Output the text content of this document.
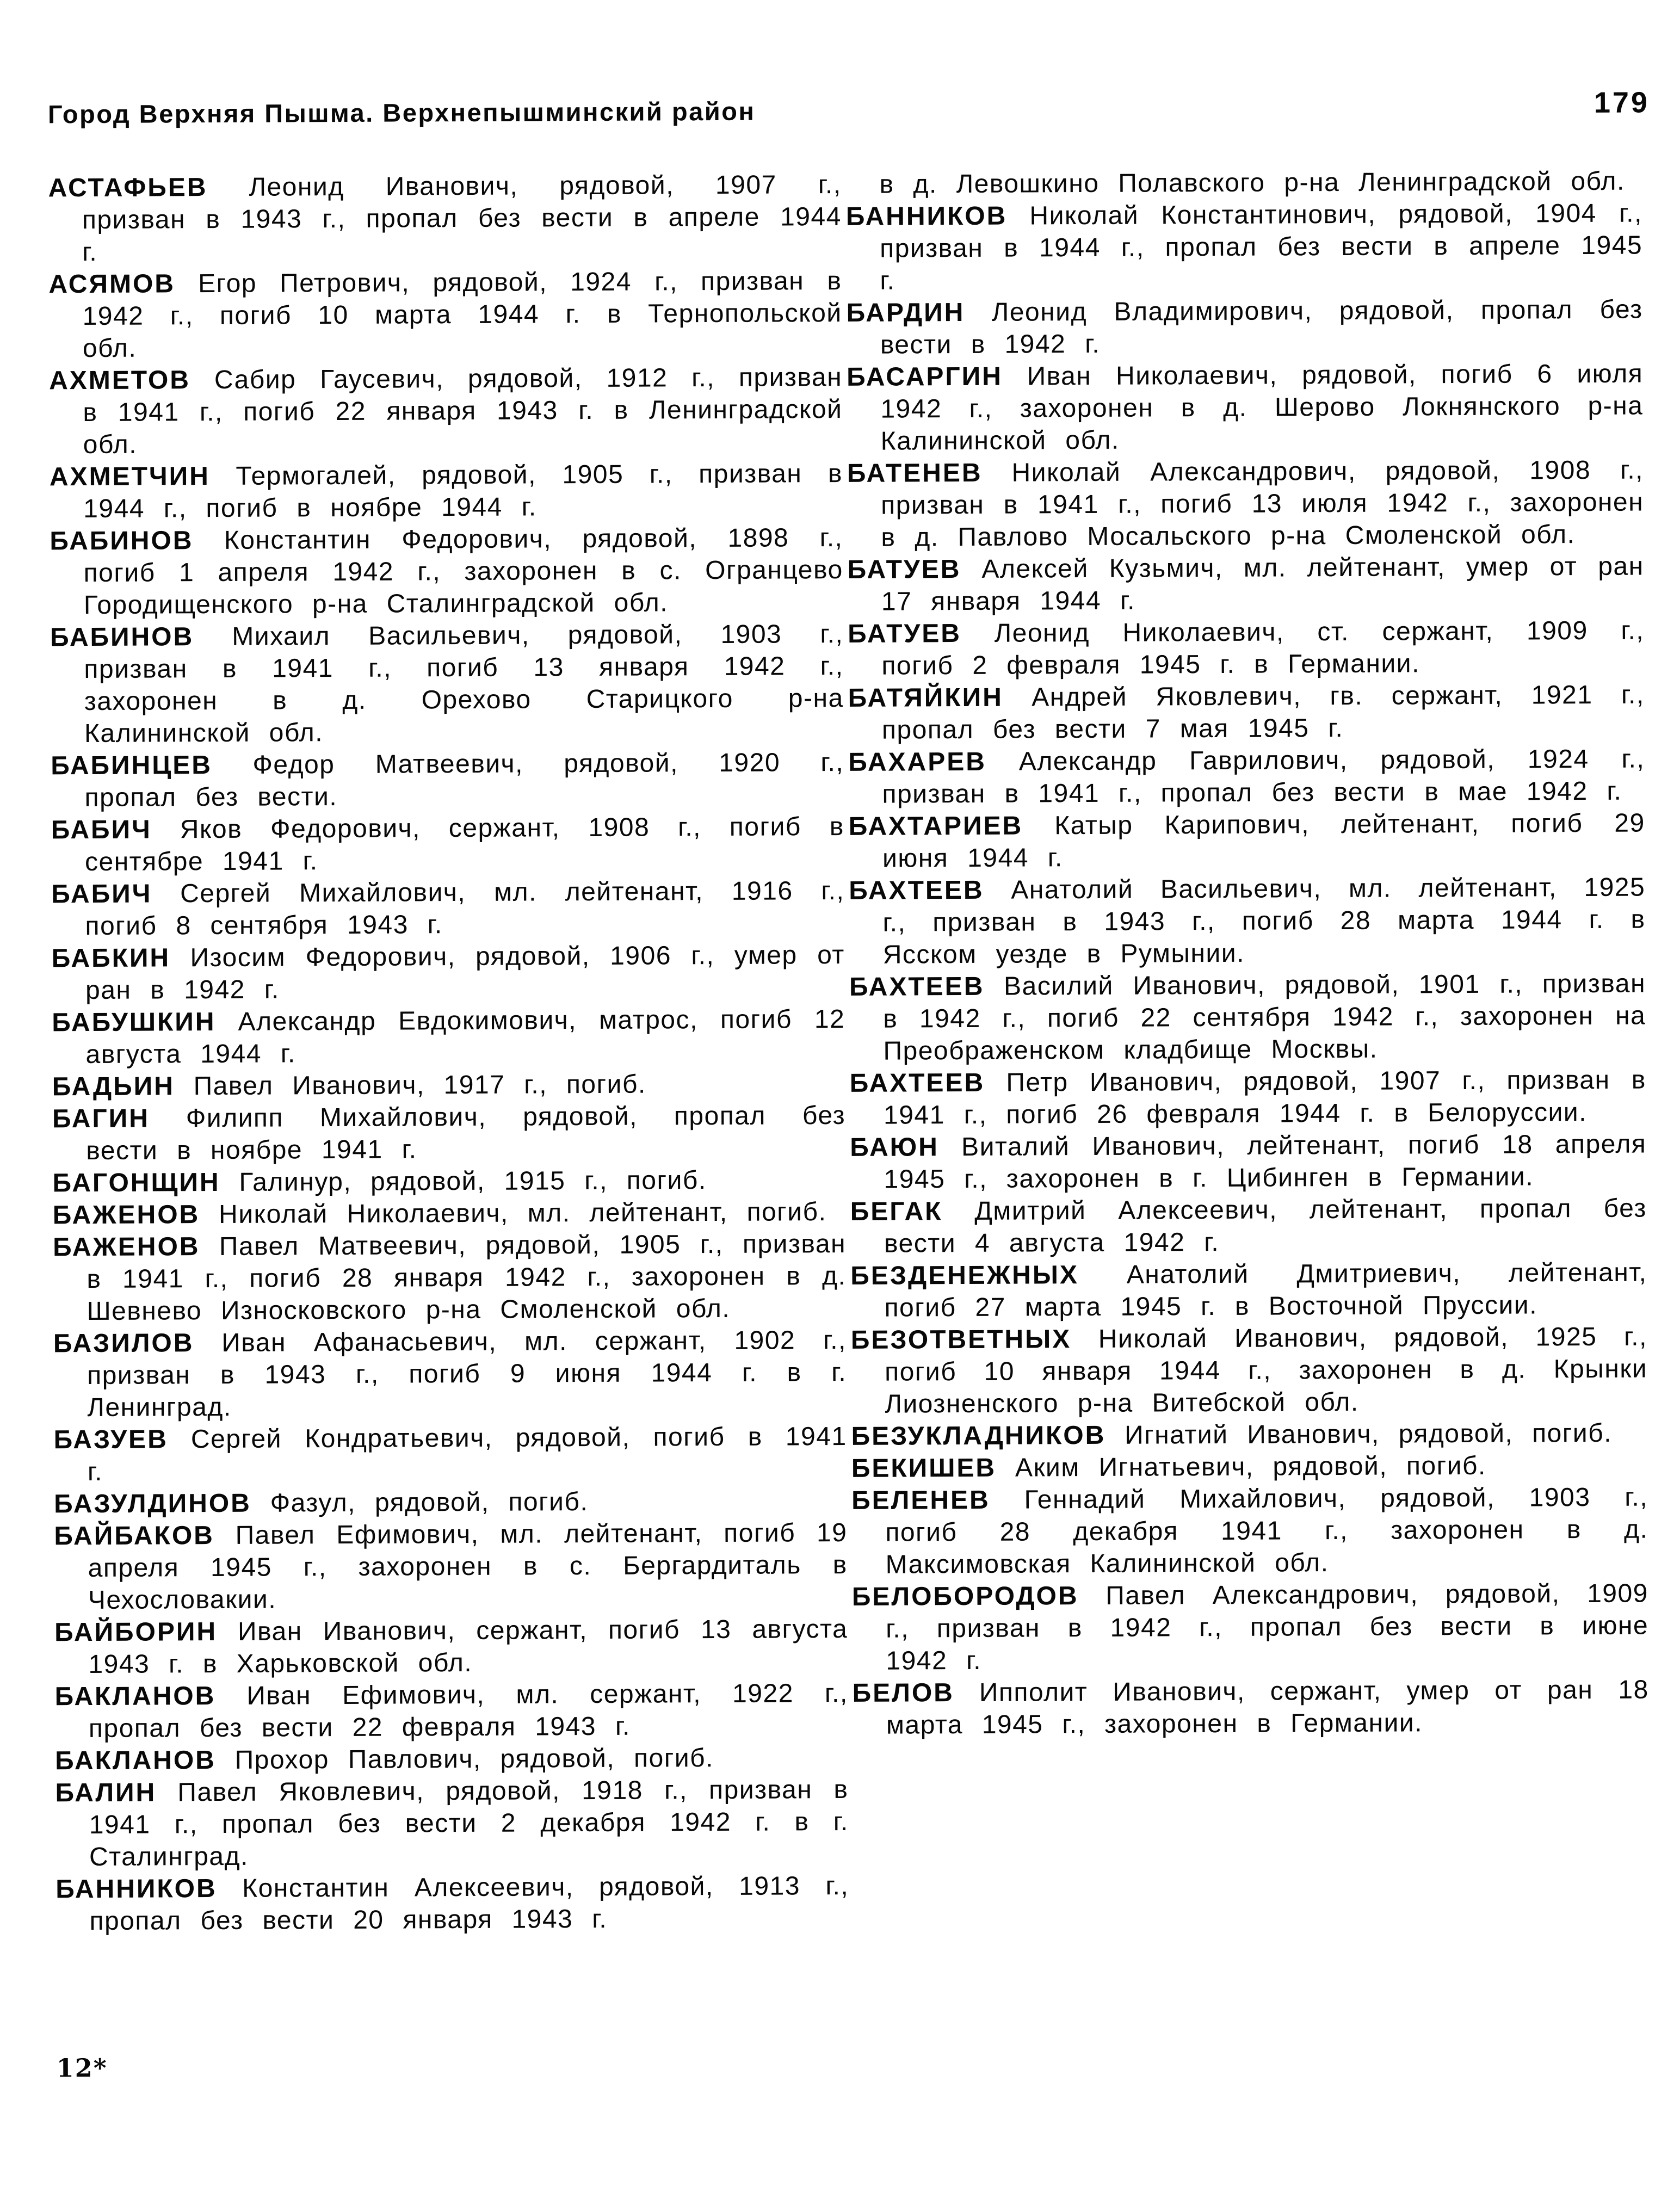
Город Верхняя Пышма. Верхнепышминский район	179

АСТАФЬЕВ Леонид Иванович, рядовой, 1907 г., призван в 1943 г., пропал без вести в апреле 1944 г.

АСЯМОВ Егор Петрович, рядовой, 1924 г., призван в 1942 г., погиб 10 марта 1944 г. в Тернопольской обл.

АХМЕТОВ Сабир Гаусевич, рядовой, 1912 г., призван в 1941 г., погиб 22 января 1943 г. в Ленинградской обл.

АХМЕТЧИН Термогалей, рядовой, 1905 г., призван в 1944 г., погиб в ноябре 1944 г.

БАБИНОВ Константин Федорович, рядовой, 1898 г., погиб 1 апреля 1942 г., захоронен в с. Огранцево Городищенского р-на Сталинградской обл.

БАБИНОВ Михаил Васильевич, рядовой, 1903 г., призван в 1941 г., погиб 13 января 1942 г., захоронен в д. Орехово Старицкого р-на Калининской обл.

БАБИНЦЕВ Федор Матвеевич, рядовой, 1920 г., пропал без вести.

БАБИЧ Яков Федорович, сержант, 1908 г., погиб в сентябре 1941 г.

БАБИЧ Сергей Михайлович, мл. лейтенант, 1916 г., погиб 8 сентября 1943 г.

БАБКИН Изосим Федорович, рядовой, 1906 г., умер от ран в 1942 г.

БАБУШКИН Александр Евдокимович, матрос, погиб 12 августа 1944 г.

БАДЬИН Павел Иванович, 1917 г., погиб.

БАГИН Филипп Михайлович, рядовой, пропал без вести в ноябре 1941 г.

БАГОНЩИН Галинур, рядовой, 1915 г., погиб.

БАЖЕНОВ Николай Николаевич, мл. лейтенант, погиб.

БАЖЕНОВ Павел Матвеевич, рядовой, 1905 г., призван в 1941 г., погиб 28 января 1942 г., захоронен в д. Шевнево Износковского р-на Смоленской обл.

БАЗИЛОВ Иван Афанасьевич, мл. сержант, 1902 г., призван в 1943 г., погиб 9 июня 1944 г. в г. Ленинград.

БАЗУЕВ Сергей Кондратьевич, рядовой, погиб в 1941 г.

БАЗУЛДИНОВ Фазул, рядовой, погиб.

БАЙБАКОВ Павел Ефимович, мл. лейтенант, погиб 19 апреля 1945 г., захоронен в с. Бергардиталь в Чехословакии.

БАЙБОРИН Иван Иванович, сержант, погиб 13 августа 1943 г. в Харьковской обл.

БАКЛАНОВ Иван Ефимович, мл. сержант, 1922 г., пропал без вести 22 февраля 1943 г.

БАКЛАНОВ Прохор Павлович, рядовой, погиб.

БАЛИН Павел Яковлевич, рядовой, 1918 г., призван в 1941 г., пропал без вести 2 декабря 1942 г. в г. Сталинград.

БАННИКОВ Константин Алексеевич, рядовой, 1913 г., пропал без вести 20 января 1943 г.

в д. Левошкино Полавского р-на Ленинградской обл.

БАННИКОВ Николай Константинович, рядовой, 1904 г., призван в 1944 г., пропал без вести в апреле 1945 г.

БАРДИН Леонид Владимирович, рядовой, пропал без вести в 1942 г.

БАСАРГИН Иван Николаевич, рядовой, погиб 6 июля 1942 г., захоронен в д. Шерово Локнянского р-на Калининской обл.

БАТЕНЕВ Николай Александрович, рядовой, 1908 г., призван в 1941 г., погиб 13 июля 1942 г., захоронен в д. Павлово Мосальского р-на Смоленской обл.

БАТУЕВ Алексей Кузьмич, мл. лейтенант, умер от ран 17 января 1944 г.

БАТУЕВ Леонид Николаевич, ст. сержант, 1909 г., погиб 2 февраля 1945 г. в Германии.

БАТЯЙКИН Андрей Яковлевич, гв. сержант, 1921 г., пропал без вести 7 мая 1945 г.

БАХАРЕВ Александр Гаврилович, рядовой, 1924 г., призван в 1941 г., пропал без вести в мае 1942 г.

БАХТАРИЕВ Катыр Карипович, лейтенант, погиб 29 июня 1944 г.

БАХТЕЕВ Анатолий Васильевич, мл. лейтенант, 1925 г., призван в 1943 г., погиб 28 марта 1944 г. в Ясском уезде в Румынии.

БАХТЕЕВ Василий Иванович, рядовой, 1901 г., призван в 1942 г., погиб 22 сентября 1942 г., захоронен на Преображенском кладбище Москвы.

БАХТЕЕВ Петр Иванович, рядовой, 1907 г., призван в 1941 г., погиб 26 февраля 1944 г. в Белоруссии.

БАЮН Виталий Иванович, лейтенант, погиб 18 апреля 1945 г., захоронен в г. Цибинген в Германии.

БЕГАК Дмитрий Алексеевич, лейтенант, пропал без вести 4 августа 1942 г.

БЕЗДЕНЕЖНЫХ Анатолий Дмитриевич, лейтенант, погиб 27 марта 1945 г. в Восточной Пруссии.

БЕЗОТВЕТНЫХ Николай Иванович, рядовой, 1925 г., погиб 10 января 1944 г., захоронен в д. Крынки Лиозненского р-на Витебской обл.

БЕЗУКЛАДНИКОВ Игнатий Иванович, рядовой, погиб.

БЕКИШЕВ Аким Игнатьевич, рядовой, погиб.

БЕЛЕНЕВ Геннадий Михайлович, рядовой, 1903 г., погиб 28 декабря 1941 г., захоронен в д. Максимовская Калининской обл.

БЕЛОБОРОДОВ Павел Александрович, рядовой, 1909 г., призван в 1942 г., пропал без вести в июне 1942 г.

БЕЛОВ Ипполит Иванович, сержант, умер от ран 18 марта 1945 г., захоронен в Германии.

12*
